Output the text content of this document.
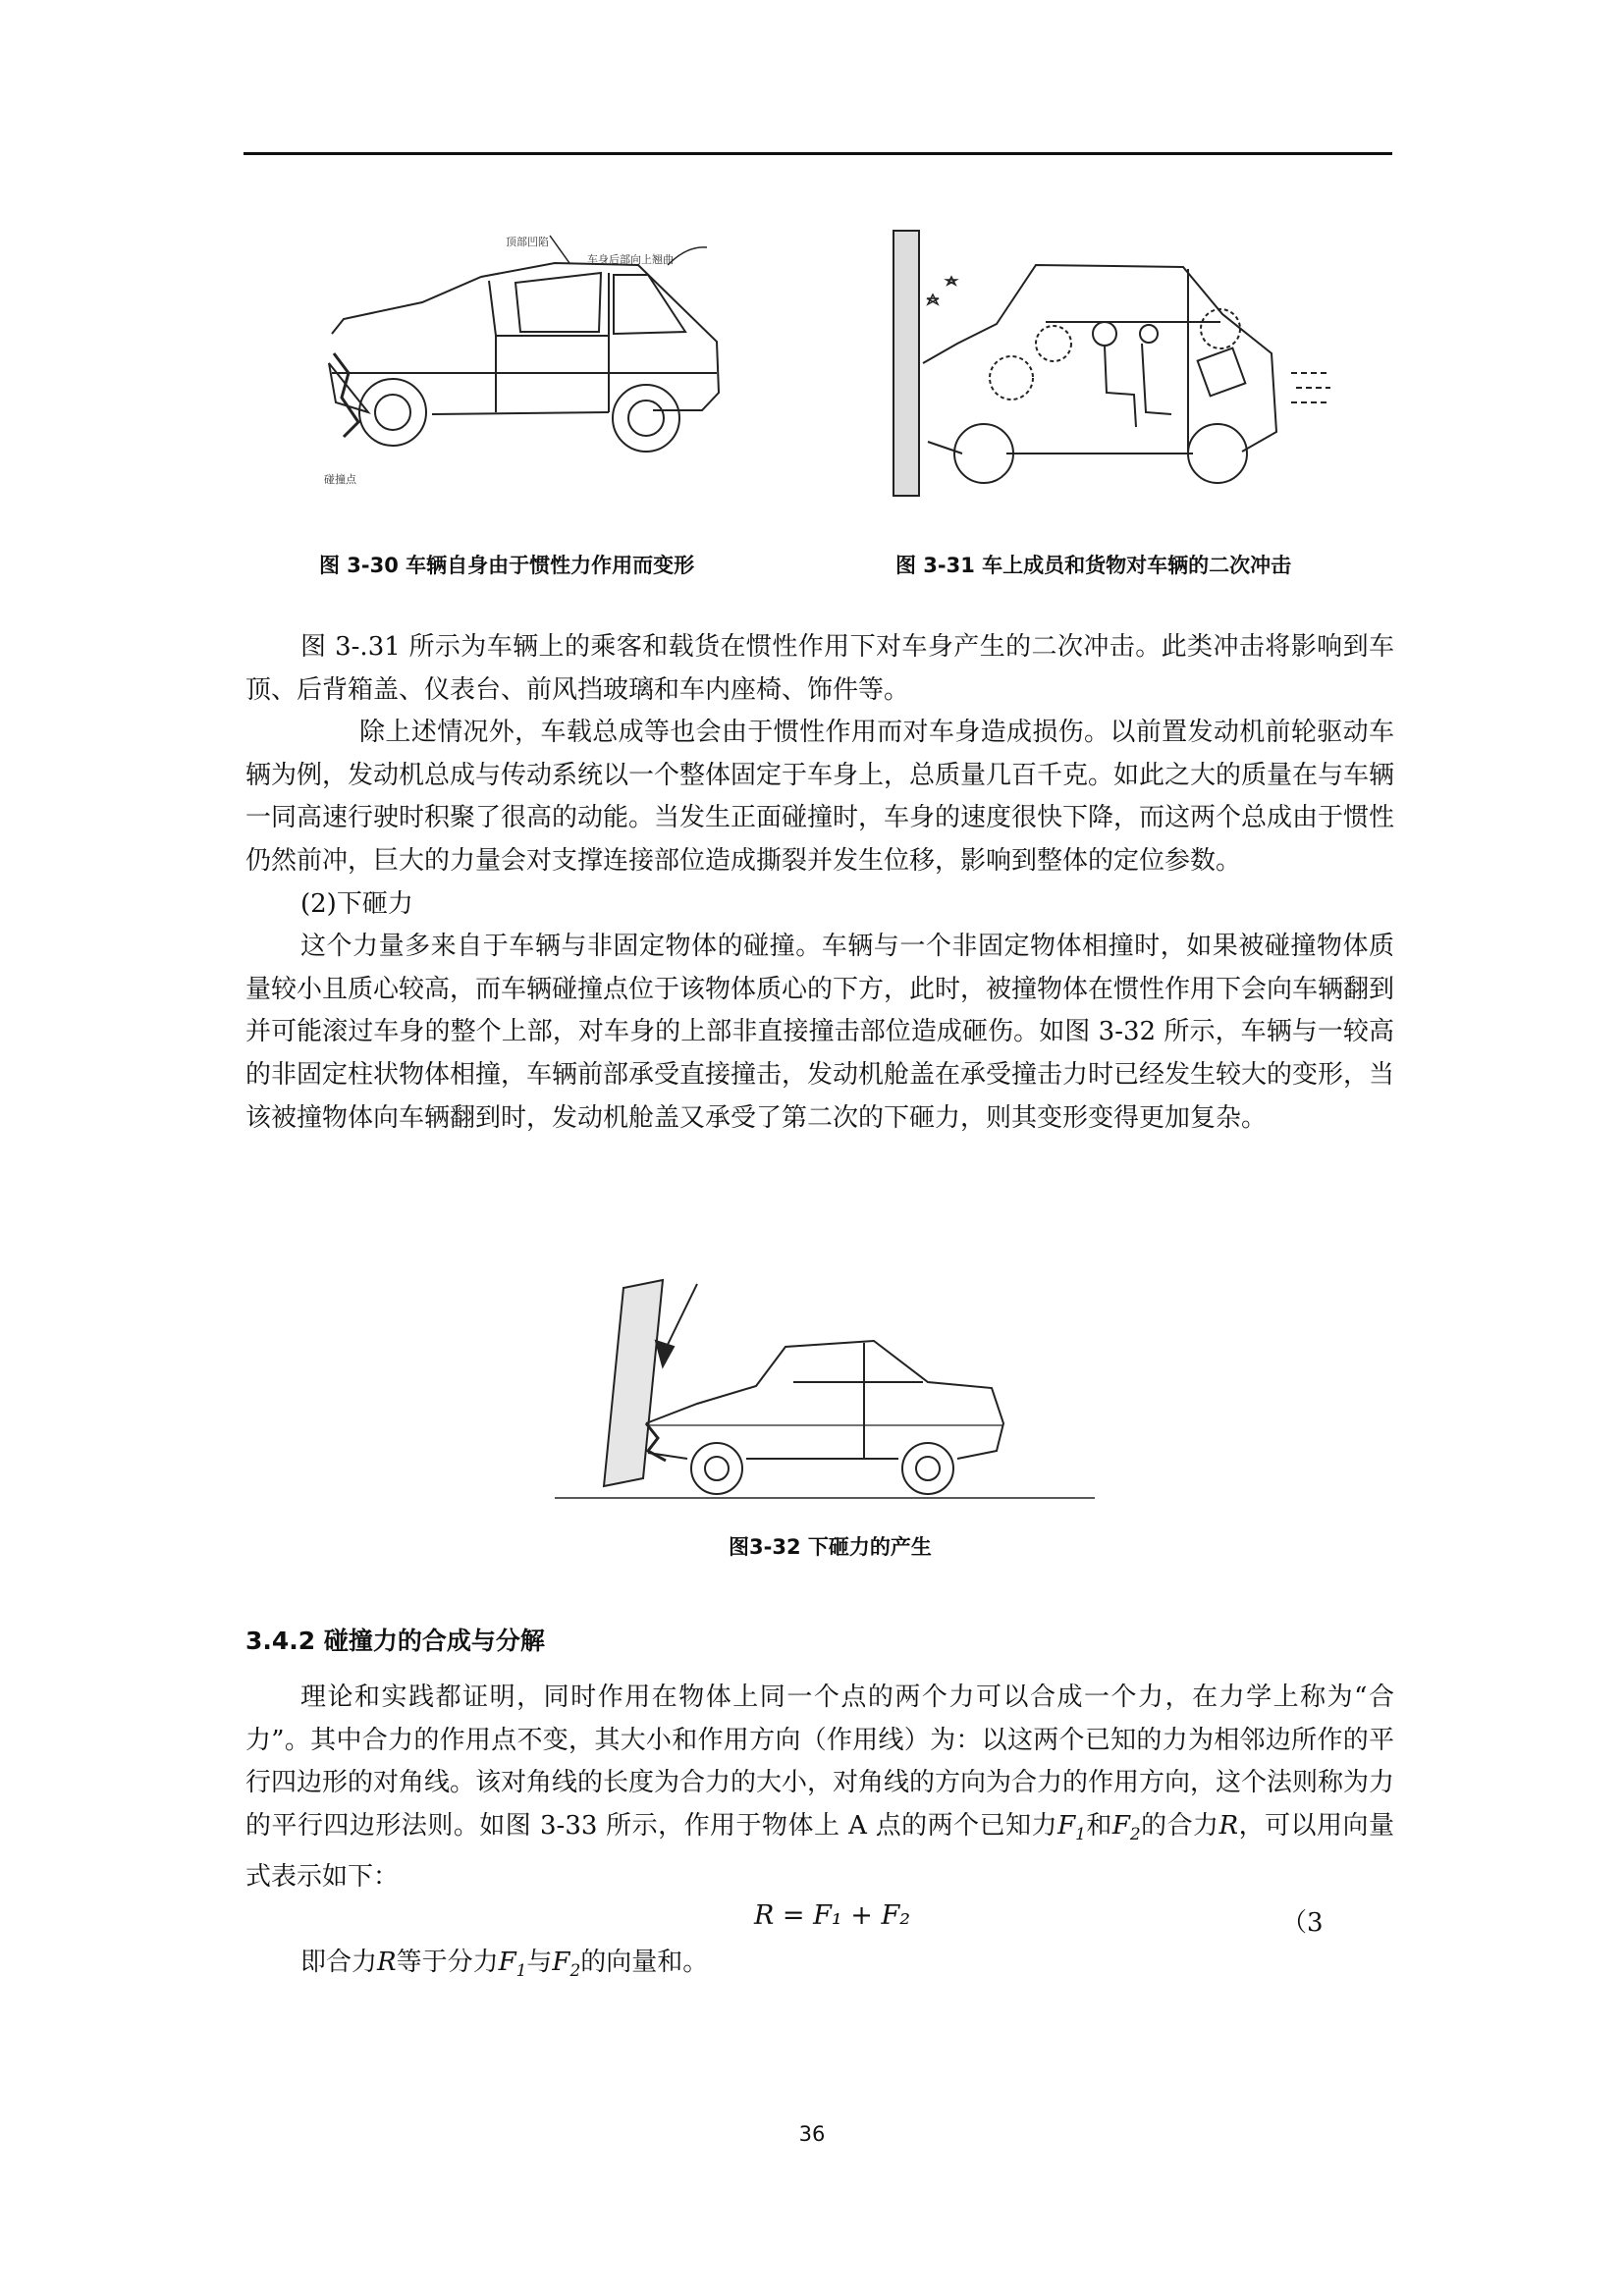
顶部凹陷
车身后部向上翘曲
碰撞点
图 3-30 车辆自身由于惯性力作用而变形	图 3-31 车上成员和货物对车辆的二次冲击

图 3-.31 所示为车辆上的乘客和载货在惯性作用下对车身产生的二次冲击。此类冲击将影响到车顶、后背箱盖、仪表台、前风挡玻璃和车内座椅、饰件等。

除上述情况外，车载总成等也会由于惯性作用而对车身造成损伤。以前置发动机前轮驱动车辆为例，发动机总成与传动系统以一个整体固定于车身上，总质量几百千克。如此之大的质量在与车辆一同高速行驶时积聚了很高的动能。当发生正面碰撞时，车身的速度很快下降，而这两个总成由于惯性仍然前冲，巨大的力量会对支撑连接部位造成撕裂并发生位移，影响到整体的定位参数。

(2)下砸力

这个力量多来自于车辆与非固定物体的碰撞。车辆与一个非固定物体相撞时，如果被碰撞物体质量较小且质心较高，而车辆碰撞点位于该物体质心的下方，此时，被撞物体在惯性作用下会向车辆翻到并可能滚过车身的整个上部，对车身的上部非直接撞击部位造成砸伤。如图 3-32 所示，车辆与一较高的非固定柱状物体相撞，车辆前部承受直接撞击，发动机舱盖在承受撞击力时已经发生较大的变形，当该被撞物体向车辆翻到时，发动机舱盖又承受了第二次的下砸力，则其变形变得更加复杂。

图3-32 下砸力的产生
3.4.2 碰撞力的合成与分解

理论和实践都证明，同时作用在物体上同一个点的两个力可以合成一个力，在力学上称为“合力”。其中合力的作用点不变，其大小和作用方向（作用线）为：以这两个已知的力为相邻边所作的平行四边形的对角线。该对角线的长度为合力的大小，对角线的方向为合力的作用方向，这个法则称为力的平行四边形法则。如图 3-33 所示，作用于物体上 A 点的两个已知力$F_1$和$F_2$的合力R，可以用向量式表示如下：

R = F₁ + F₂	（3

即合力R等于分力$F_1$与$F_2$的向量和。

36
